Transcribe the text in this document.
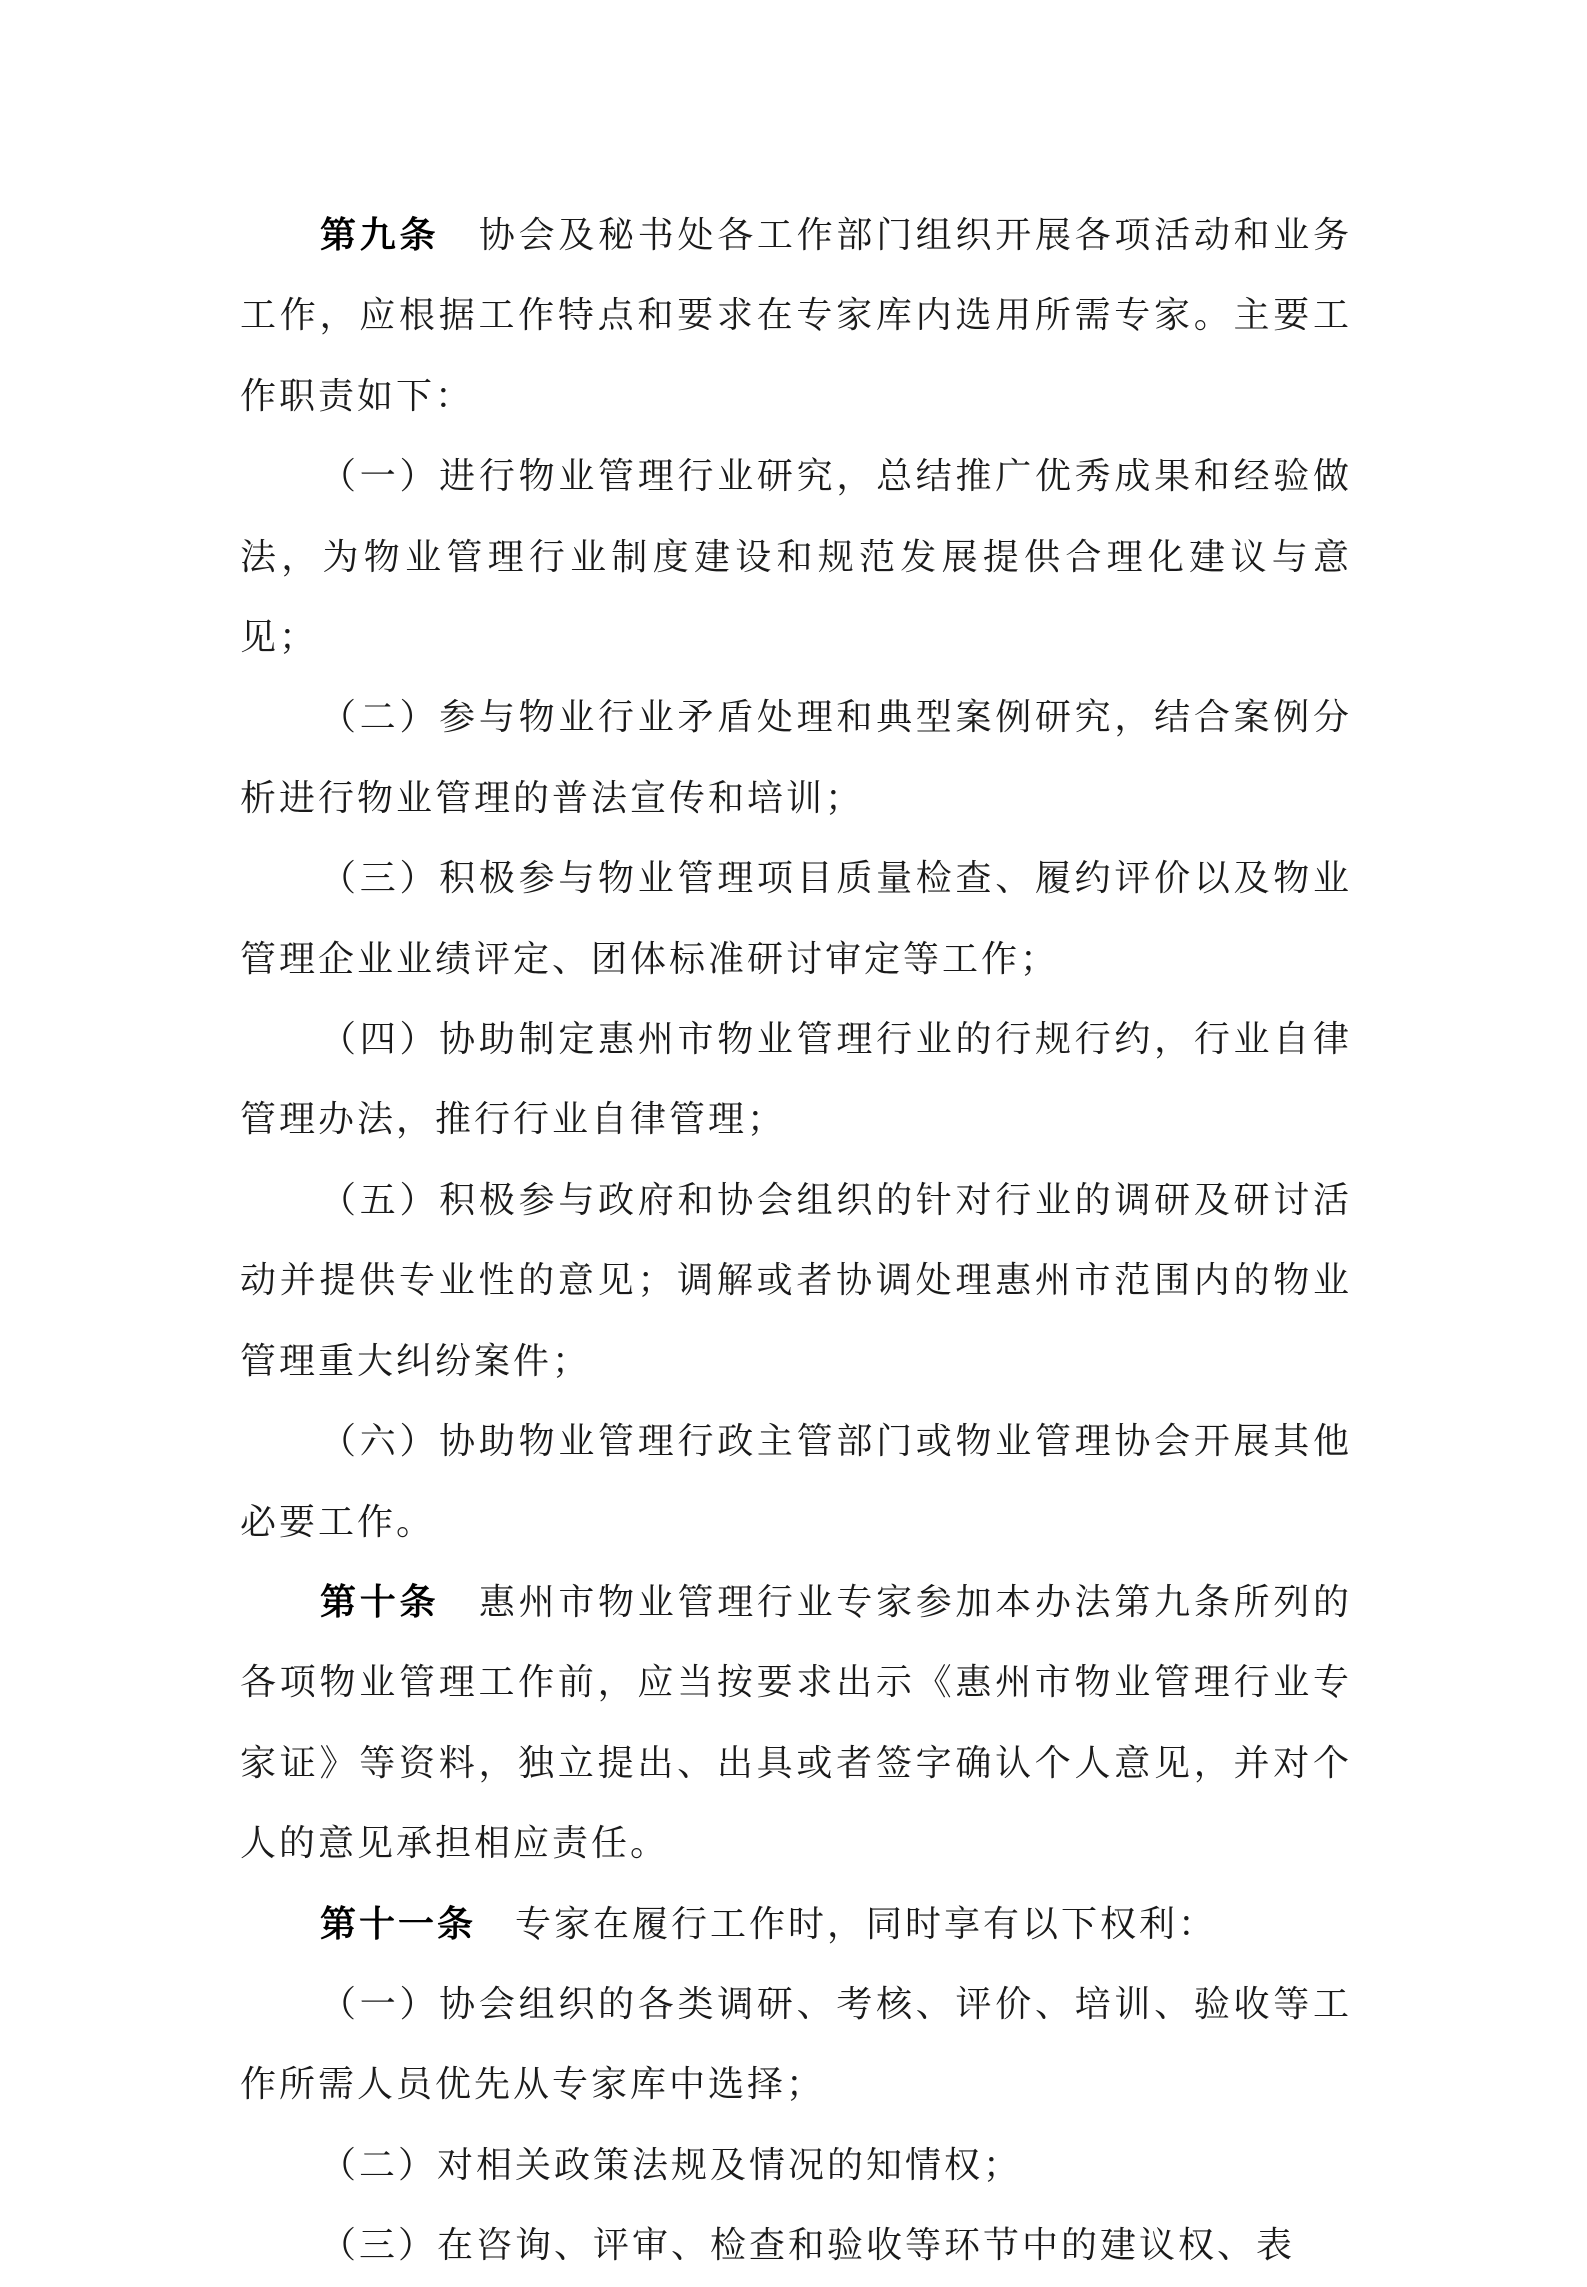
第九条  协会及秘书处各工作部门组织开展各项活动和业务工作，应根据工作特点和要求在专家库内选用所需专家。主要工作职责如下：

（一）进行物业管理行业研究，总结推广优秀成果和经验做法，为物业管理行业制度建设和规范发展提供合理化建议与意见；

（二）参与物业行业矛盾处理和典型案例研究，结合案例分析进行物业管理的普法宣传和培训；

（三）积极参与物业管理项目质量检查、履约评价以及物业管理企业业绩评定、团体标准研讨审定等工作；

（四）协助制定惠州市物业管理行业的行规行约，行业自律管理办法，推行行业自律管理；

（五）积极参与政府和协会组织的针对行业的调研及研讨活动并提供专业性的意见；调解或者协调处理惠州市范围内的物业管理重大纠纷案件；

（六）协助物业管理行政主管部门或物业管理协会开展其他必要工作。

第十条  惠州市物业管理行业专家参加本办法第九条所列的各项物业管理工作前，应当按要求出示《惠州市物业管理行业专家证》等资料，独立提出、出具或者签字确认个人意见，并对个人的意见承担相应责任。

第十一条  专家在履行工作时，同时享有以下权利：

（一）协会组织的各类调研、考核、评价、培训、验收等工作所需人员优先从专家库中选择；

（二）对相关政策法规及情况的知情权；

（三）在咨询、评审、检查和验收等环节中的建议权、表
